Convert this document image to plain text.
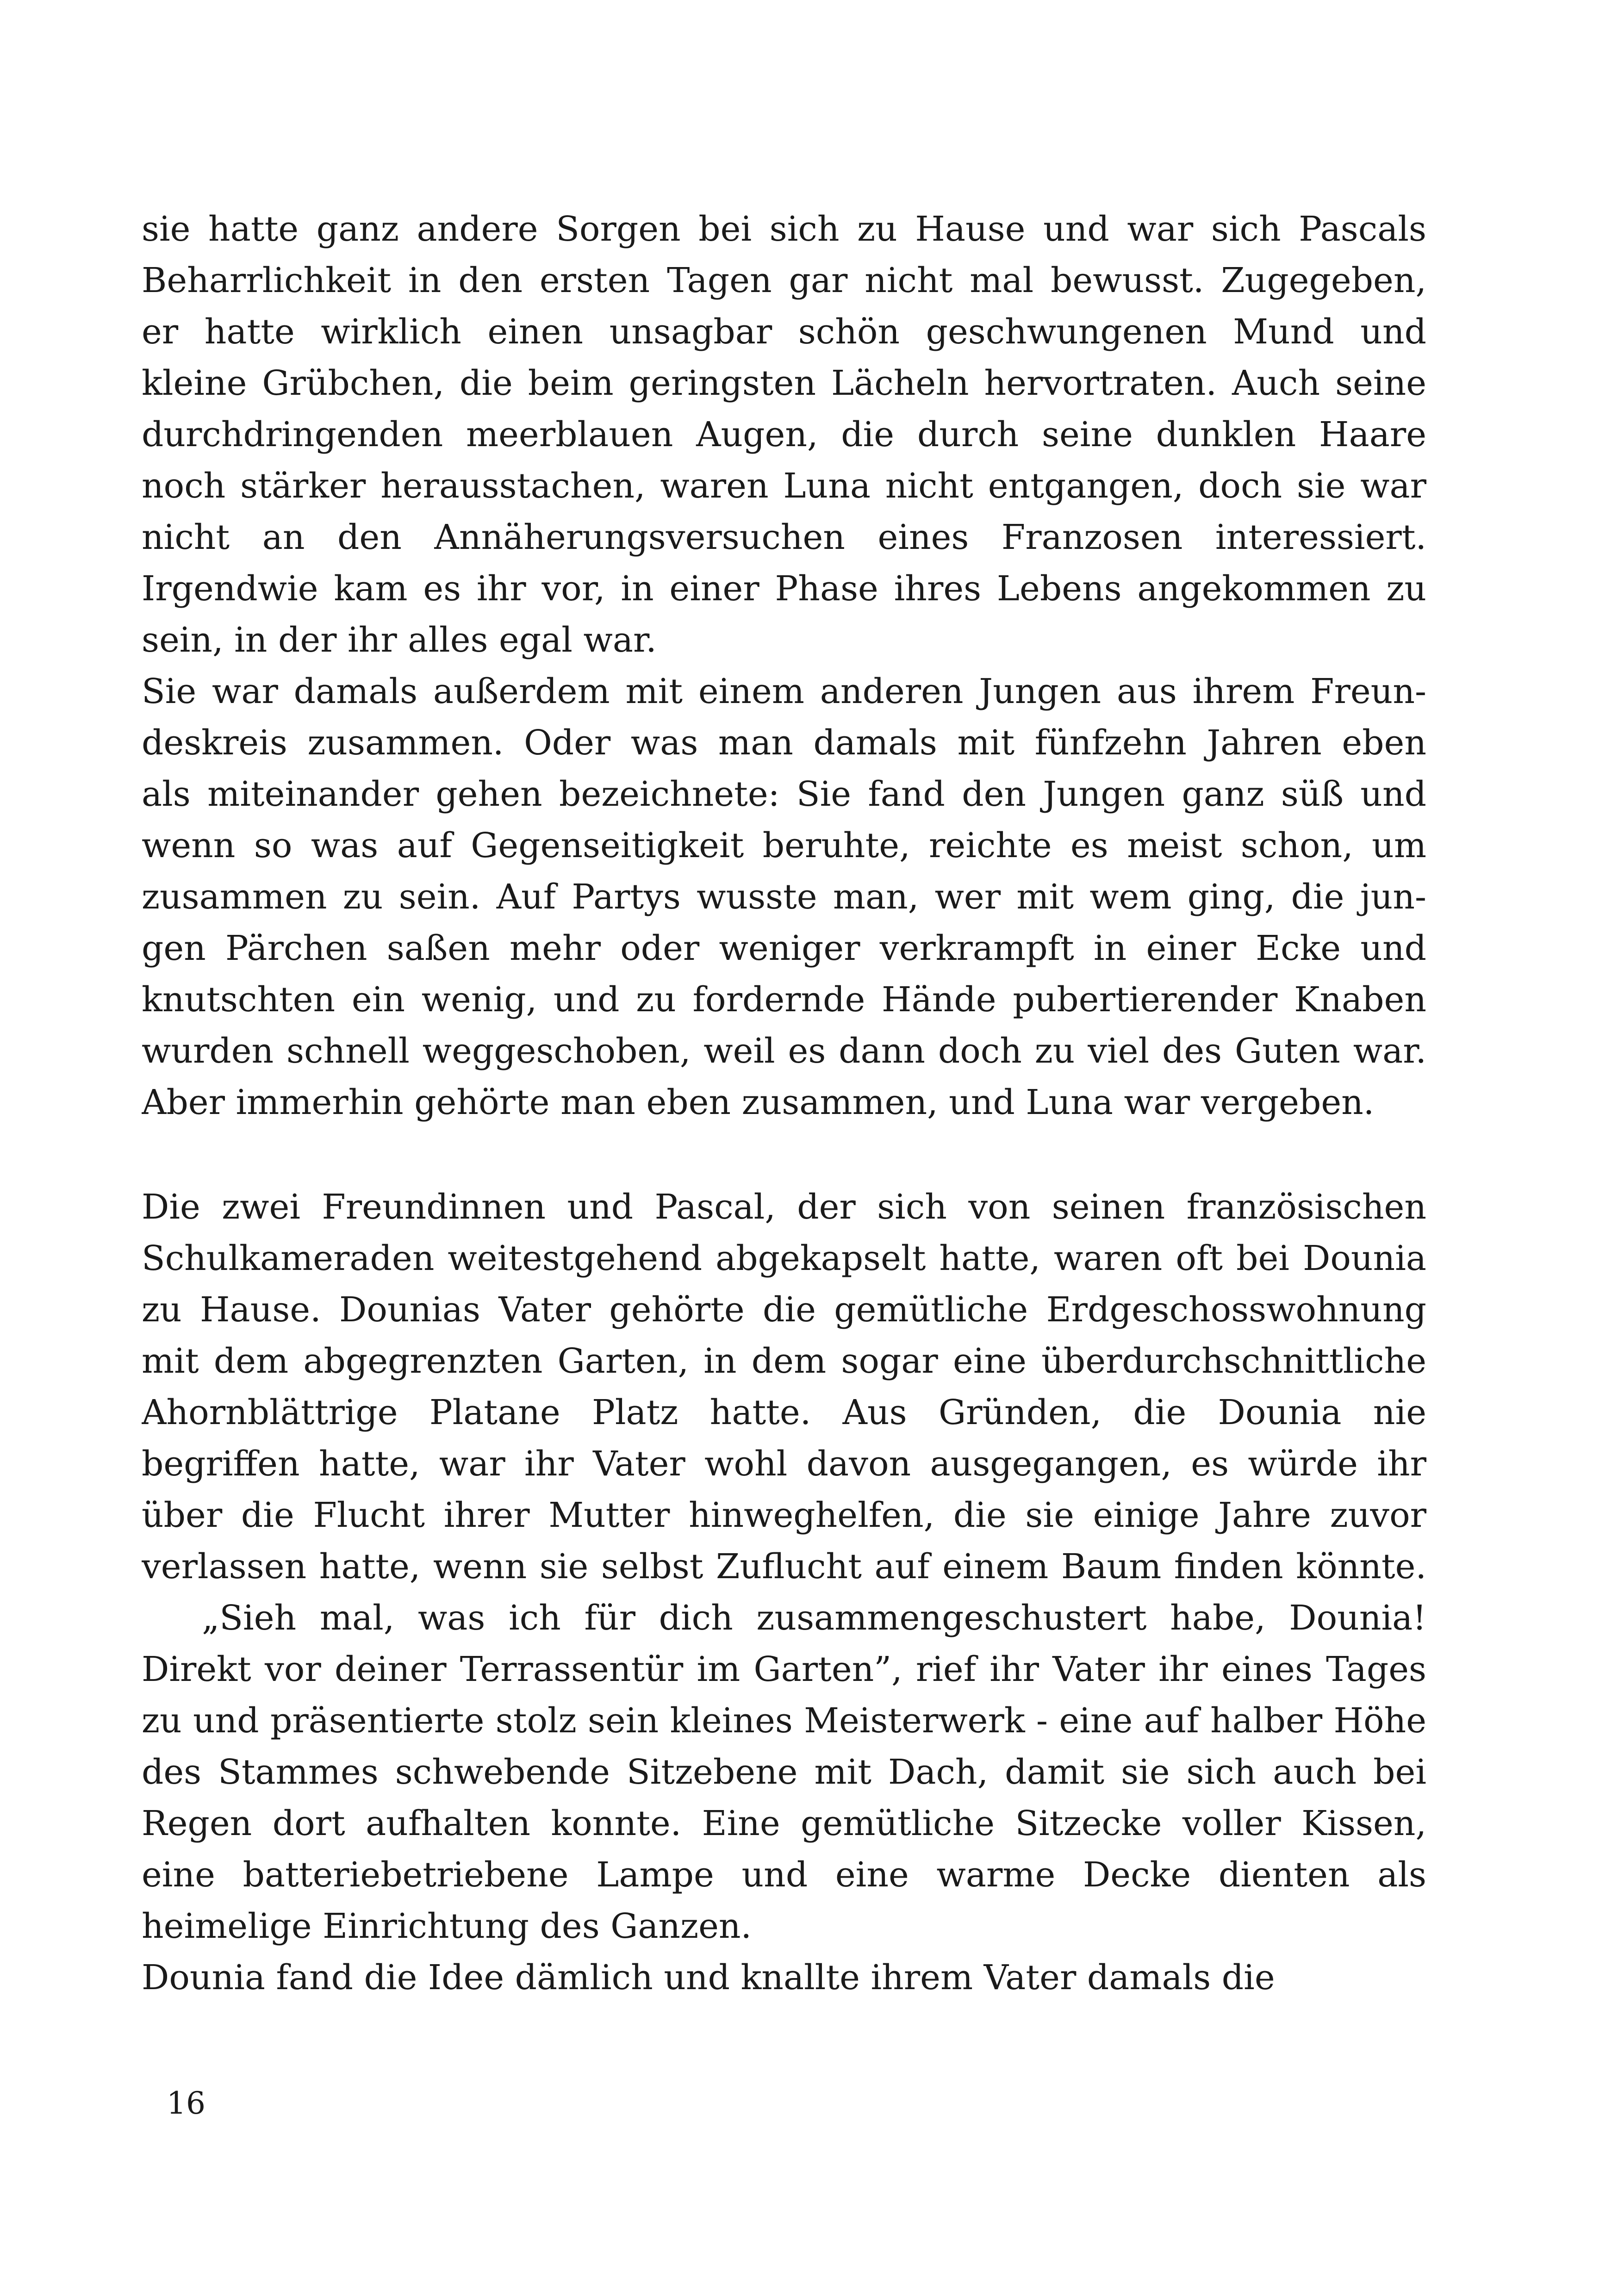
sie hatte ganz andere Sorgen bei sich zu Hause und war sich Pascals
Beharrlichkeit in den ersten Tagen gar nicht mal bewusst. Zugegeben,
er hatte wirklich einen unsagbar schön geschwungenen Mund und
kleine Grübchen, die beim geringsten Lächeln hervortraten. Auch seine
durchdringenden meerblauen Augen, die durch seine dunklen Haare
noch stärker herausstachen, waren Luna nicht entgangen, doch sie war
nicht an den Annäherungsversuchen eines Franzosen interessiert.
Irgendwie kam es ihr vor, in einer Phase ihres Lebens angekommen zu
sein, in der ihr alles egal war.
Sie war damals außerdem mit einem anderen Jungen aus ihrem Freun-
deskreis zusammen. Oder was man damals mit fünfzehn Jahren eben
als miteinander gehen bezeichnete: Sie fand den Jungen ganz süß und
wenn so was auf Gegenseitigkeit beruhte, reichte es meist schon, um
zusammen zu sein. Auf Partys wusste man, wer mit wem ging, die jun-
gen Pärchen saßen mehr oder weniger verkrampft in einer Ecke und
knutschten ein wenig, und zu fordernde Hände pubertierender Knaben
wurden schnell weggeschoben, weil es dann doch zu viel des Guten war.
Aber immerhin gehörte man eben zusammen, und Luna war vergeben.
Die zwei Freundinnen und Pascal, der sich von seinen französischen
Schulkameraden weitestgehend abgekapselt hatte, waren oft bei Dounia
zu Hause. Dounias Vater gehörte die gemütliche Erdgeschosswohnung
mit dem abgegrenzten Garten, in dem sogar eine überdurchschnittliche
Ahornblättrige Platane Platz hatte. Aus Gründen, die Dounia nie
begriffen hatte, war ihr Vater wohl davon ausgegangen, es würde ihr
über die Flucht ihrer Mutter hinweghelfen, die sie einige Jahre zuvor
verlassen hatte, wenn sie selbst Zuflucht auf einem Baum finden könnte.
„Sieh mal, was ich für dich zusammengeschustert habe, Dounia!
Direkt vor deiner Terrassentür im Garten”, rief ihr Vater ihr eines Tages
zu und präsentierte stolz sein kleines Meisterwerk - eine auf halber Höhe
des Stammes schwebende Sitzebene mit Dach, damit sie sich auch bei
Regen dort aufhalten konnte. Eine gemütliche Sitzecke voller Kissen,
eine batteriebetriebene Lampe und eine warme Decke dienten als
heimelige Einrichtung des Ganzen.
Dounia fand die Idee dämlich und knallte ihrem Vater damals die
16
